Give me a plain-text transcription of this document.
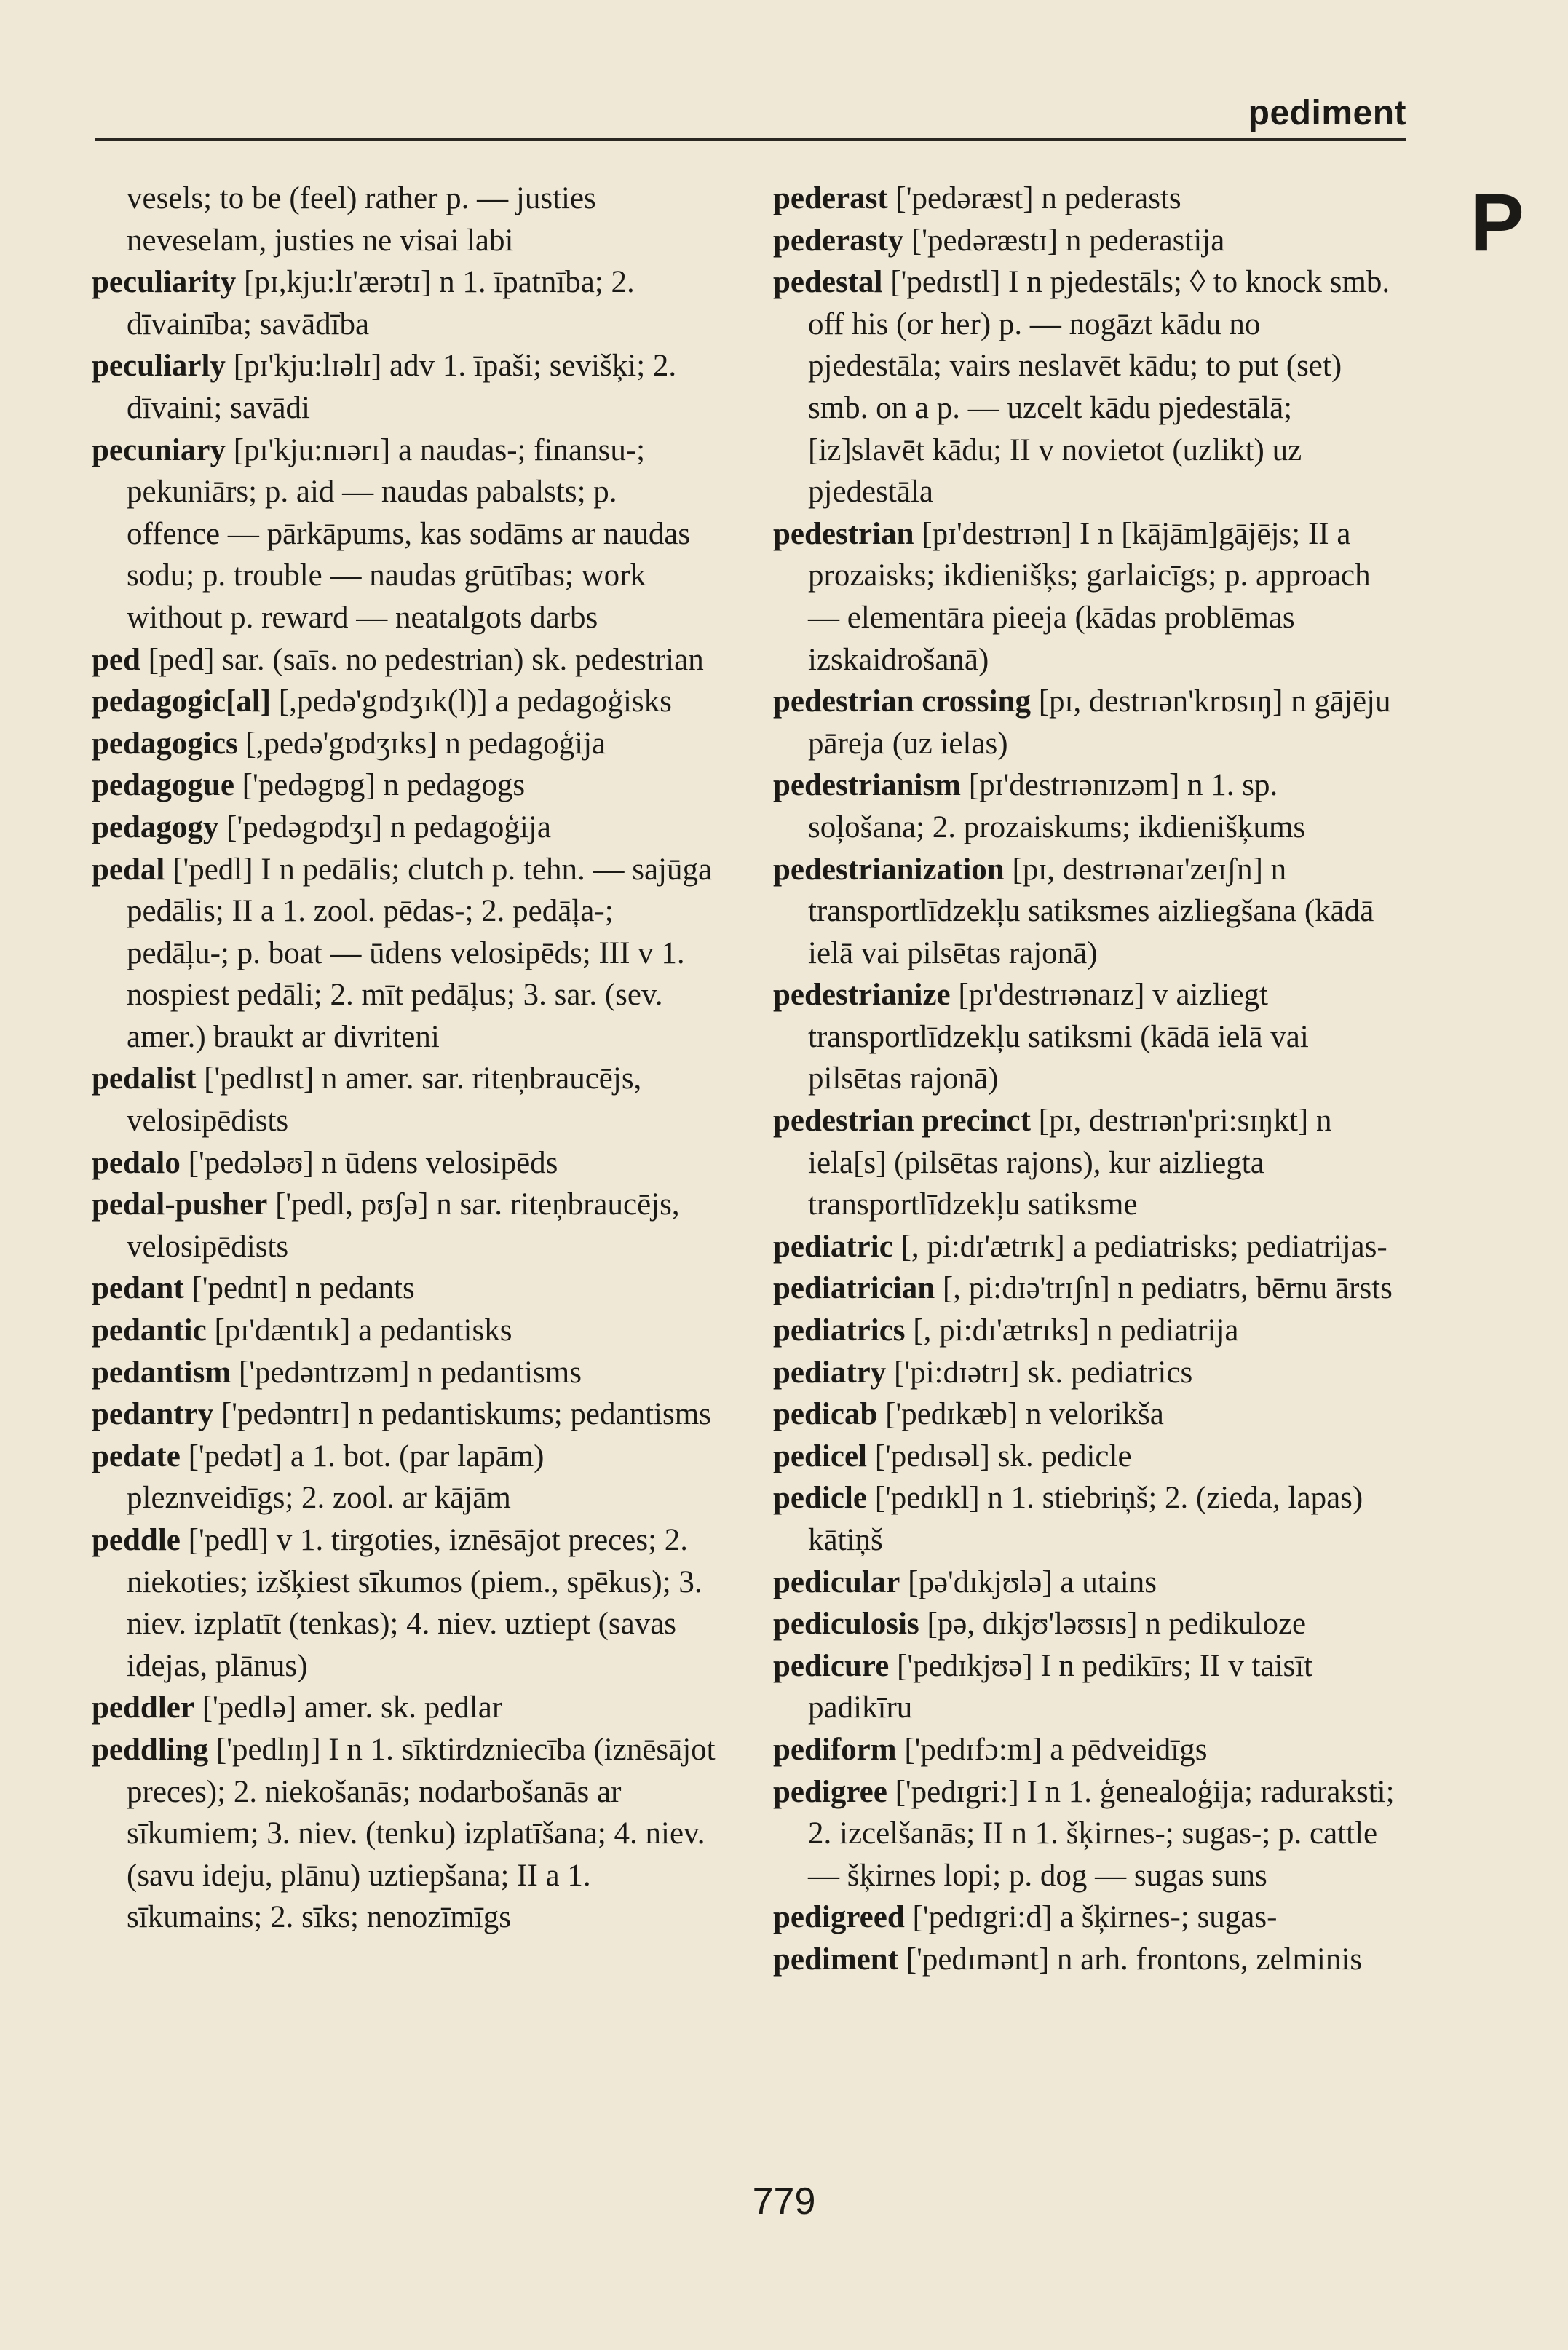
pediment
P
vesels; to be (feel) rather p. — justies neveselam, justies ne visai labi
peculiarity [pɪ,kju:lɪ'ærətɪ] n 1. īpatnība; 2. dīvainība; savādība
peculiarly [pɪ'kju:lɪəlɪ] adv 1. īpaši; sevišķi; 2. dīvaini; savādi
pecuniary [pɪ'kju:nɪərɪ] a naudas-; finansu-; pekuniārs; p. aid — naudas pabalsts; p. offence — pārkāpums, kas sodāms ar naudas sodu; p. trouble — naudas grūtības; work without p. reward — neatalgots darbs
ped [ped] sar. (saīs. no pedestrian) sk. pedestrian
pedagogic[al] [,pedə'gɒdʒɪk(l)] a pedagoģisks
pedagogics [,pedə'gɒdʒɪks] n pedagoģija
pedagogue ['pedəgɒg] n pedagogs
pedagogy ['pedəgɒdʒɪ] n pedagoģija
pedal ['pedl] I n pedālis; clutch p. tehn. — sajūga pedālis; II a 1. zool. pēdas-; 2. pedāļa-; pedāļu-; p. boat — ūdens velosipēds; III v 1. nospiest pedāli; 2. mīt pedāļus; 3. sar. (sev. amer.) braukt ar divriteni
pedalist ['pedlɪst] n amer. sar. riteņbraucējs, velosipēdists
pedalo ['pedələʊ] n ūdens velosipēds
pedal-pusher ['pedl, pʊʃə] n sar. riteņbraucējs, velosipēdists
pedant ['pednt] n pedants
pedantic [pɪ'dæntɪk] a pedantisks
pedantism ['pedəntɪzəm] n pedantisms
pedantry ['pedəntrɪ] n pedantiskums; pedantisms
pedate ['pedət] a 1. bot. (par lapām) pleznveidīgs; 2. zool. ar kājām
peddle ['pedl] v 1. tirgoties, iznēsājot preces; 2. niekoties; izšķiest sīkumos (piem., spēkus); 3. niev. izplatīt (tenkas); 4. niev. uztiept (savas idejas, plānus)
peddler ['pedlə] amer. sk. pedlar
peddling ['pedlɪŋ] I n 1. sīktirdzniecība (iznēsājot preces); 2. niekošanās; nodarbošanās ar sīkumiem; 3. niev. (tenku) izplatīšana; 4. niev. (savu ideju, plānu) uztiepšana; II a 1. sīkumains; 2. sīks; nenozīmīgs
pederast ['pedəræst] n pederasts
pederasty ['pedəræstɪ] n pederastija
pedestal ['pedɪstl] I n pjedestāls; ◊ to knock smb. off his (or her) p. — nogāzt kādu no pjedestāla; vairs neslavēt kādu; to put (set) smb. on a p. — uzcelt kādu pjedestālā; [iz]slavēt kādu; II v novietot (uzlikt) uz pjedestāla
pedestrian [pɪ'destrɪən] I n [kājām]gājējs; II a prozaisks; ikdienišķs; garlaicīgs; p. approach — elementāra pieeja (kādas problēmas izskaidrošanā)
pedestrian crossing [pɪ, destrɪən'krɒsɪŋ] n gājēju pāreja (uz ielas)
pedestrianism [pɪ'destrɪənɪzəm] n 1. sp. soļošana; 2. prozaiskums; ikdienišķums
pedestrianization [pɪ, destrɪənaɪ'zeɪʃn] n transportlīdzekļu satiksmes aizliegšana (kādā ielā vai pilsētas rajonā)
pedestrianize [pɪ'destrɪənaɪz] v aizliegt transportlīdzekļu satiksmi (kādā ielā vai pilsētas rajonā)
pedestrian precinct [pɪ, destrɪən'pri:sɪŋkt] n iela[s] (pilsētas rajons), kur aizliegta transportlīdzekļu satiksme
pediatric [, pi:dɪ'ætrɪk] a pediatrisks; pediatrijas-
pediatrician [, pi:dɪə'trɪʃn] n pediatrs, bērnu ārsts
pediatrics [, pi:dɪ'ætrɪks] n pediatrija
pediatry ['pi:dɪətrɪ] sk. pediatrics
pedicab ['pedɪkæb] n velorikša
pedicel ['pedɪsəl] sk. pedicle
pedicle ['pedɪkl] n 1. stiebriņš; 2. (zieda, lapas) kātiņš
pedicular [pə'dɪkjʊlə] a utains
pediculosis [pə, dɪkjʊ'ləʊsɪs] n pedikuloze
pedicure ['pedɪkjʊə] I n pedikīrs; II v taisīt padikīru
pediform ['pedɪfɔ:m] a pēdveidīgs
pedigree ['pedɪgri:] I n 1. ģenealoģija; raduraksti; 2. izcelšanās; II n 1. šķirnes-; sugas-; p. cattle — šķirnes lopi; p. dog — sugas suns
pedigreed ['pedɪgri:d] a šķirnes-; sugas-
pediment ['pedɪmənt] n arh. frontons, zelminis
779
